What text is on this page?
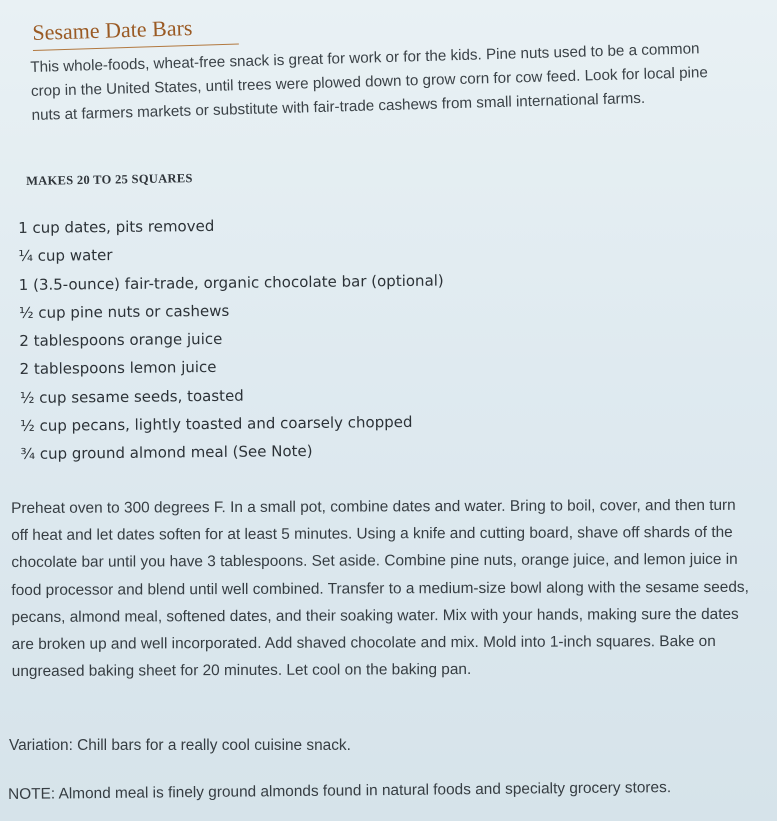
Sesame Date Bars
This whole-foods, wheat-free snack is great for work or for the kids. Pine nuts used to be a common crop in the United States, until trees were plowed down to grow corn for cow feed. Look for local pine nuts at farmers markets or substitute with fair-trade cashews from small international farms.
MAKES 20 TO 25 SQUARES
1 cup dates, pits removed
¼ cup water
1 (3.5-ounce) fair-trade, organic chocolate bar (optional)
½ cup pine nuts or cashews
2 tablespoons orange juice
2 tablespoons lemon juice
½ cup sesame seeds, toasted
½ cup pecans, lightly toasted and coarsely chopped
¾ cup ground almond meal (See Note)

Preheat oven to 300 degrees F. In a small pot, combine dates and water. Bring to boil, cover, and then turn off heat and let dates soften for at least 5 minutes. Using a knife and cutting board, shave off shards of the chocolate bar until you have 3 tablespoons. Set aside. Combine pine nuts, orange juice, and lemon juice in food processor and blend until well combined. Transfer to a medium-size bowl along with the sesame seeds, pecans, almond meal, softened dates, and their soaking water. Mix with your hands, making sure the dates are broken up and well incorporated. Add shaved chocolate and mix. Mold into 1-inch squares. Bake on ungreased baking sheet for 20 minutes. Let cool on the baking pan.

Variation: Chill bars for a really cool cuisine snack.
NOTE: Almond meal is finely ground almonds found in natural foods and specialty grocery stores.
